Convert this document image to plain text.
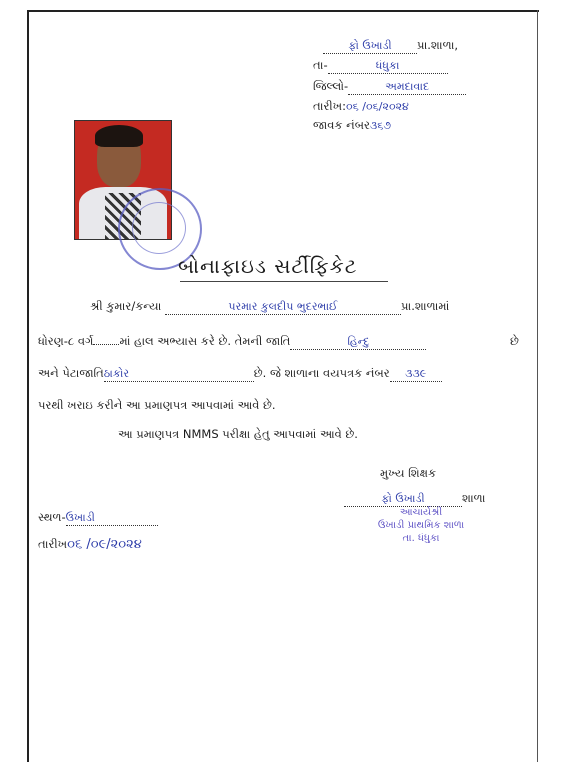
ફો ઉખાડી પ્રા.શાળા,
તા-	ધંધુકા
જિલ્લો-	અમદાવાદ
તારીખ:૦૬ /૦૬/૨૦૨૪
જાવક નંબર૩૬૭
બોનાફાઇડ સર્ટીફિકેટ
શ્રી કુમાર/કન્યા	પરમાર કુલદીપ ભુદરભાઈ	પ્રા.શાળામાં
ધોરણ-૮ વર્ગ માં હાલ અભ્યાસ કરે છે. તેમની જાતિ	હિન્દુ	છે
અને પેટાજાતિઠાકોર	છે. જે શાળાના વયપત્રક નંબર ૩૩૯
પરથી ખરાઇ કરીને આ પ્રમાણપત્ર આપવામાં આવે છે.
આ પ્રમાણપત્ર NMMS પરીક્ષા હેતુ આપવામાં આવે છે.
મુખ્ય શિક્ષક
ફો ઉખાડી	શાળા
આચાર્યશ્રી
ઉખાડી પ્રાથમિક શાળા
તા. ધંધુકા
સ્થળ-ઉખાડી
તારીખ૦૬ /૦૯/૨૦૨૪
